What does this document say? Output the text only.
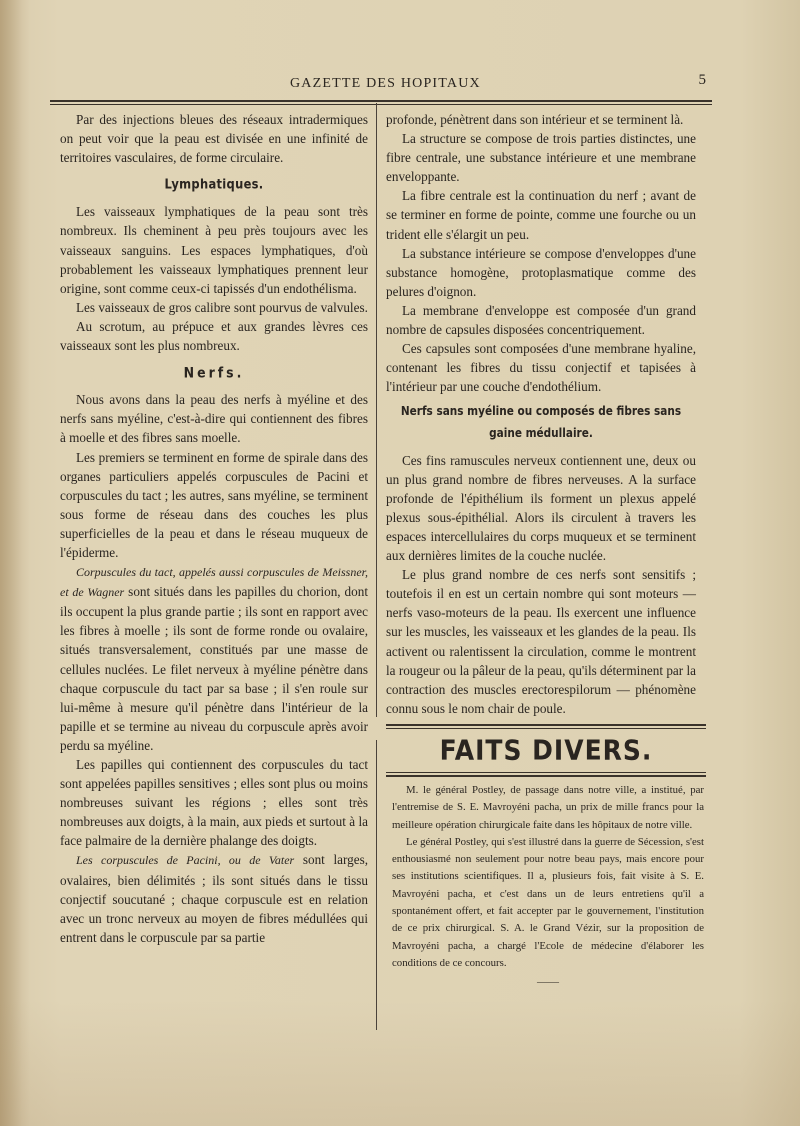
GAZETTE DES HOPITAUX	5

Par des injections bleues des réseaux intradermiques on peut voir que la peau est divisée en une infinité de territoires vasculaires, de forme circulaire.

Lymphatiques.

Les vaisseaux lymphatiques de la peau sont très nombreux. Ils cheminent à peu près toujours avec les vaisseaux sanguins. Les espaces lymphatiques, d'où probablement les vaisseaux lymphatiques prennent leur origine, sont comme ceux-ci tapissés d'un endothélisma.

Les vaisseaux de gros calibre sont pourvus de valvules.

Au scrotum, au prépuce et aux grandes lèvres ces vaisseaux sont les plus nombreux.

Nerfs.

Nous avons dans la peau des nerfs à myéline et des nerfs sans myéline, c'est-à-dire qui contiennent des fibres à moelle et des fibres sans moelle.

Les premiers se terminent en forme de spirale dans des organes particuliers appelés corpuscules de Pacini et corpuscules du tact ; les autres, sans myéline, se terminent sous forme de réseau dans des couches les plus superficielles de la peau et dans le réseau muqueux de l'épiderme.

Corpuscules du tact, appelés aussi corpuscules de Meissner, et de Wagner sont situés dans les papilles du chorion, dont ils occupent la plus grande partie ; ils sont en rapport avec les fibres à moelle ; ils sont de forme ronde ou ovalaire, situés transversalement, constitués par une masse de cellules nuclées. Le filet nerveux à myéline pénètre dans chaque corpuscule du tact par sa base ; il s'en roule sur lui-même à mesure qu'il pénètre dans l'intérieur de la papille et se termine au niveau du corpuscule après avoir perdu sa myéline.

Les papilles qui contiennent des corpuscules du tact sont appelées papilles sensitives ; elles sont plus ou moins nombreuses suivant les régions ; elles sont très nombreuses aux doigts, à la main, aux pieds et surtout à la face palmaire de la dernière phalange des doigts.

Les corpuscules de Pacini, ou de Vater sont larges, ovalaires, bien délimités ; ils sont situés dans le tissu conjectif soucutané ; chaque corpuscule est en relation avec un tronc nerveux au moyen de fibres médullées qui entrent dans le corpuscule par sa partie

profonde, pénètrent dans son intérieur et se terminent là.

La structure se compose de trois parties distinctes, une fibre centrale, une substance intérieure et une membrane enveloppante.

La fibre centrale est la continuation du nerf ; avant de se terminer en forme de pointe, comme une fourche ou un trident elle s'élargit un peu.

La substance intérieure se compose d'enveloppes d'une substance homogène, protoplasmatique comme des pelures d'oignon.

La membrane d'enveloppe est composée d'un grand nombre de capsules disposées concentriquement.

Ces capsules sont composées d'une membrane hyaline, contenant les fibres du tissu conjectif et tapisées à l'intérieur par une couche d'endothélium.

Nerfs sans myéline ou composés de fibres sans gaine médullaire.

Ces fins ramuscules nerveux contiennent une, deux ou un plus grand nombre de fibres nerveuses. A la surface profonde de l'épithélium ils forment un plexus appelé plexus sous-épithélial. Alors ils circulent à travers les espaces intercellulaires du corps muqueux et se terminent aux dernières limites de la couche nuclée.

Le plus grand nombre de ces nerfs sont sensitifs ; toutefois il en est un certain nombre qui sont moteurs — nerfs vaso-moteurs de la peau. Ils exercent une influence sur les muscles, les vaisseaux et les glandes de la peau. Ils activent ou ralentissent la circulation, comme le montrent la rougeur ou la pâleur de la peau, qu'ils déterminent par la contraction des muscles erectorespilorum — phénomène connu sous le nom chair de poule.

FAITS DIVERS.

M. le général Postley, de passage dans notre ville, a institué, par l'entremise de S. E. Mavroyéni pacha, un prix de mille francs pour la meilleure opération chirurgicale faite dans les hôpitaux de notre ville.

Le général Postley, qui s'est illustré dans la guerre de Sécession, s'est enthousiasmé non seulement pour notre beau pays, mais encore pour ses institutions scientifiques. Il a, plusieurs fois, fait visite à S. E. Mavroyéni pacha, et c'est dans un de leurs entretiens qu'il a spontanément offert, et fait accepter par le gouvernement, l'institution de ce prix chirurgical. S. A. le Grand Vézir, sur la proposition de Mavroyéni pacha, a chargé l'Ecole de médecine d'élaborer les conditions de ce concours.

——
